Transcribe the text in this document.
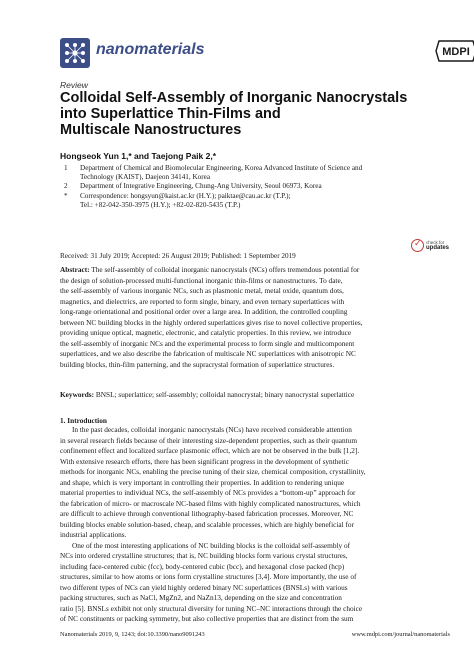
nanomaterials	MDPI
Review
Colloidal Self-Assembly of Inorganic Nanocrystals
into Superlattice Thin-Films and
Multiscale Nanostructures
Hongseok Yun 1,* and Taejong Paik 2,*
1 Department of Chemical and Biomolecular Engineering, Korea Advanced Institute of Science and
Technology (KAIST), Daejeon 34141, Korea
2 Department of Integrative Engineering, Chung-Ang University, Seoul 06973, Korea
* Correspondence: hongsyun@kaist.ac.kr (H.Y.); paiktae@cau.ac.kr (T.P.);
Tel.: +82-042-350-3975 (H.Y.); +82-02-820-5435 (T.P.)
✓ check for
updates
Received: 31 July 2019; Accepted: 26 August 2019; Published: 1 September 2019
Abstract: The self-assembly of colloidal inorganic nanocrystals (NCs) offers tremendous potential for
the design of solution-processed multi-functional inorganic thin-films or nanostructures. To date,
the self-assembly of various inorganic NCs, such as plasmonic metal, metal oxide, quantum dots,
magnetics, and dielectrics, are reported to form single, binary, and even ternary superlattices with
long-range orientational and positional order over a large area. In addition, the controlled coupling
between NC building blocks in the highly ordered superlattices gives rise to novel collective properties,
providing unique optical, magnetic, electronic, and catalytic properties. In this review, we introduce
the self-assembly of inorganic NCs and the experimental process to form single and multicomponent
superlattices, and we also describe the fabrication of multiscale NC superlattices with anisotropic NC
building blocks, thin-film patterning, and the supracrystal formation of superlattice structures.
Keywords: BNSL; superlattice; self-assembly; colloidal nanocrystal; binary nanocrystal superlattice
1. Introduction
In the past decades, colloidal inorganic nanocrystals (NCs) have received considerable attention
in several research fields because of their interesting size-dependent properties, such as their quantum
confinement effect and localized surface plasmonic effect, which are not be observed in the bulk [1,2].
With extensive research efforts, there has been significant progress in the development of synthetic
methods for inorganic NCs, enabling the precise tuning of their size, chemical composition, crystallinity,
and shape, which is very important in controlling their properties. In addition to rendering unique
material properties to individual NCs, the self-assembly of NCs provides a “bottom-up” approach for
the fabrication of micro- or macroscale NC-based films with highly complicated nanostructures, which
are difficult to achieve through conventional lithography-based fabrication processes. Moreover, NC
building blocks enable solution-based, cheap, and scalable processes, which are highly beneficial for
industrial applications.
One of the most interesting applications of NC building blocks is the colloidal self-assembly of
NCs into ordered crystalline structures; that is, NC building blocks form various crystal structures,
including face-centered cubic (fcc), body-centered cubic (bcc), and hexagonal close packed (hcp)
structures, similar to how atoms or ions form crystalline structures [3,4]. More importantly, the use of
two different types of NCs can yield highly ordered binary NC superlattices (BNSLs) with various
packing structures, such as NaCl, MgZn2, and NaZn13, depending on the size and concentration
ratio [5]. BNSLs exhibit not only structural diversity for tuning NC–NC interactions through the choice
of NC constituents or packing symmetry, but also collective properties that are distinct from the sum
Nanomaterials 2019, 9, 1243; doi:10.3390/nano9091243	www.mdpi.com/journal/nanomaterials
